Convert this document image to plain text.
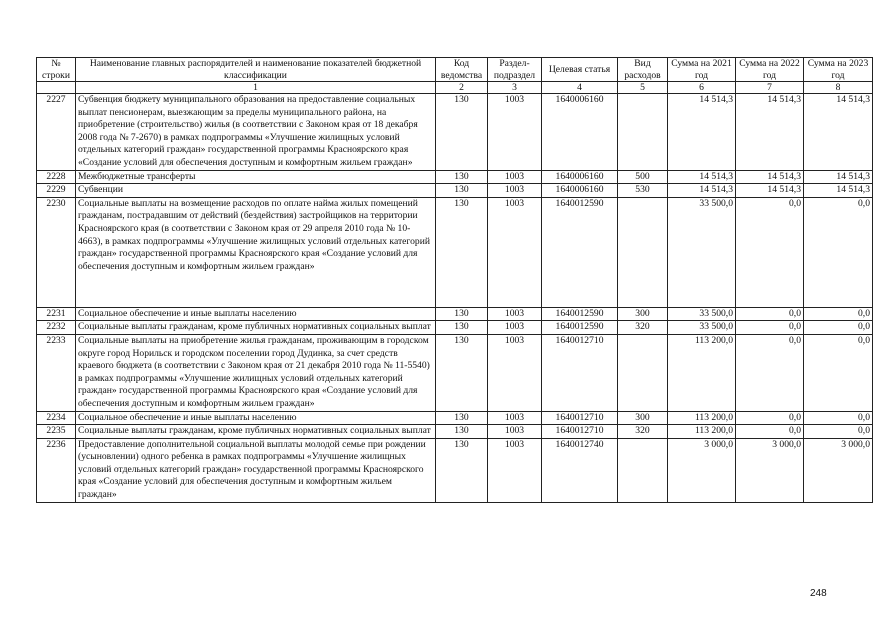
№ строки	Наименование главных распорядителей и наименование показателей бюджетной классификации	Код ведомства	Раздел-подраздел	Целевая статья	Вид расходов	Сумма на 2021 год	Сумма на 2022 год	Сумма на 2023 год
	1	2	3	4	5	6	7	8
2227	Субвенция бюджету муниципального образования на предоставление социальных выплат пенсионерам, выезжающим за пределы муниципального района, на приобретение (строительство) жилья (в соответствии с Законом края от 18 декабря 2008 года № 7-2670) в рамках подпрограммы «Улучшение жилищных условий отдельных категорий граждан» государственной программы Красноярского края «Создание условий для обеспечения доступным и комфортным жильем граждан»	130	1003	1640006160		14 514,3	14 514,3	14 514,3
2228	Межбюджетные трансферты	130	1003	1640006160	500	14 514,3	14 514,3	14 514,3
2229	Субвенции	130	1003	1640006160	530	14 514,3	14 514,3	14 514,3
2230	Социальные выплаты на возмещение расходов по оплате найма жилых помещений гражданам, пострадавшим от действий (бездействия) застройщиков на территории Красноярского края (в соответствии с Законом края от 29 апреля 2010 года № 10-4663), в рамках подпрограммы «Улучшение жилищных условий отдельных категорий граждан» государственной программы Красноярского края «Создание условий для обеспечения доступным и комфортным жильем граждан»	130	1003	1640012590		33 500,0	0,0	0,0
2231	Социальное обеспечение и иные выплаты населению	130	1003	1640012590	300	33 500,0	0,0	0,0
2232	Социальные выплаты гражданам, кроме публичных нормативных социальных выплат	130	1003	1640012590	320	33 500,0	0,0	0,0
2233	Социальные выплаты на приобретение жилья гражданам, проживающим в городском округе город Норильск и городском поселении город Дудинка, за счет средств краевого бюджета (в соответствии с Законом края от 21 декабря 2010 года № 11-5540) в рамках подпрограммы «Улучшение жилищных условий отдельных категорий граждан» государственной программы Красноярского края «Создание условий для обеспечения доступным и комфортным жильем граждан»	130	1003	1640012710		113 200,0	0,0	0,0
2234	Социальное обеспечение и иные выплаты населению	130	1003	1640012710	300	113 200,0	0,0	0,0
2235	Социальные выплаты гражданам, кроме публичных нормативных социальных выплат	130	1003	1640012710	320	113 200,0	0,0	0,0
2236	Предоставление дополнительной социальной выплаты молодой семье при рождении (усыновлении) одного ребенка в рамках подпрограммы «Улучшение жилищных условий отдельных категорий граждан» государственной программы Красноярского края «Создание условий для обеспечения доступным и комфортным жильем граждан»	130	1003	1640012740		3 000,0	3 000,0	3 000,0
248
